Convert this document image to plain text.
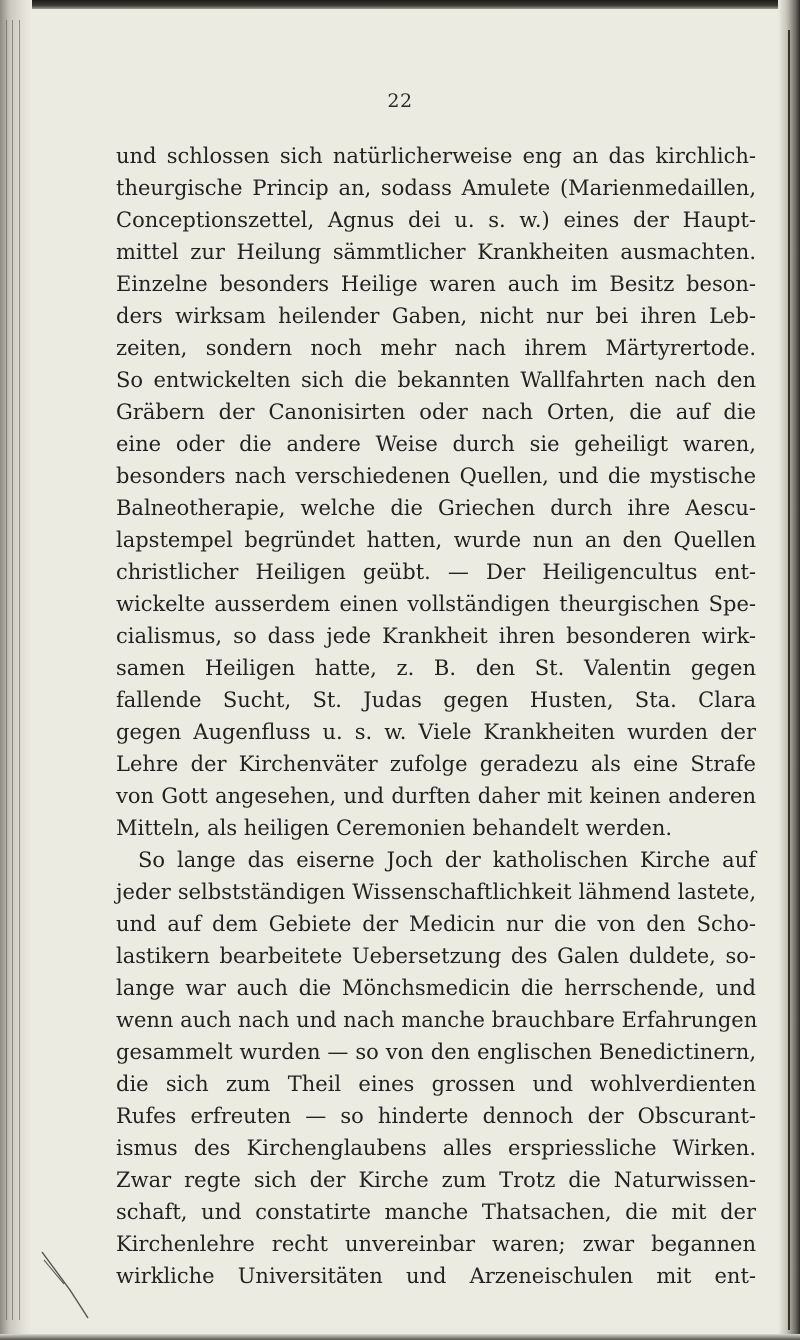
22
und schlossen sich natürlicherweise eng an das kirchlich-
theurgische Princip an, sodass Amulete (Marienmedaillen,
Conceptionszettel, Agnus dei u. s. w.) eines der Haupt-
mittel zur Heilung sämmtlicher Krankheiten ausmachten.
Einzelne besonders Heilige waren auch im Besitz beson-
ders wirksam heilender Gaben, nicht nur bei ihren Leb-
zeiten, sondern noch mehr nach ihrem Märtyrertode.
So entwickelten sich die bekannten Wallfahrten nach den
Gräbern der Canonisirten oder nach Orten, die auf die
eine oder die andere Weise durch sie geheiligt waren,
besonders nach verschiedenen Quellen, und die mystische
Balneotherapie, welche die Griechen durch ihre Aescu-
lapstempel begründet hatten, wurde nun an den Quellen
christlicher Heiligen geübt. — Der Heiligencultus ent-
wickelte ausserdem einen vollständigen theurgischen Spe-
cialismus, so dass jede Krankheit ihren besonderen wirk-
samen Heiligen hatte, z. B. den St. Valentin gegen
fallende Sucht, St. Judas gegen Husten, Sta. Clara
gegen Augenfluss u. s. w. Viele Krankheiten wurden der
Lehre der Kirchenväter zufolge geradezu als eine Strafe
von Gott angesehen, und durften daher mit keinen anderen
Mitteln, als heiligen Ceremonien behandelt werden.
So lange das eiserne Joch der katholischen Kirche auf
jeder selbstständigen Wissenschaftlichkeit lähmend lastete,
und auf dem Gebiete der Medicin nur die von den Scho-
lastikern bearbeitete Uebersetzung des Galen duldete, so-
lange war auch die Mönchsmedicin die herrschende, und
wenn auch nach und nach manche brauchbare Erfahrungen
gesammelt wurden — so von den englischen Benedictinern,
die sich zum Theil eines grossen und wohlverdienten
Rufes erfreuten — so hinderte dennoch der Obscurant-
ismus des Kirchenglaubens alles erspriessliche Wirken.
Zwar regte sich der Kirche zum Trotz die Naturwissen-
schaft, und constatirte manche Thatsachen, die mit der
Kirchenlehre recht unvereinbar waren; zwar begannen
wirkliche Universitäten und Arzeneischulen mit ent-
